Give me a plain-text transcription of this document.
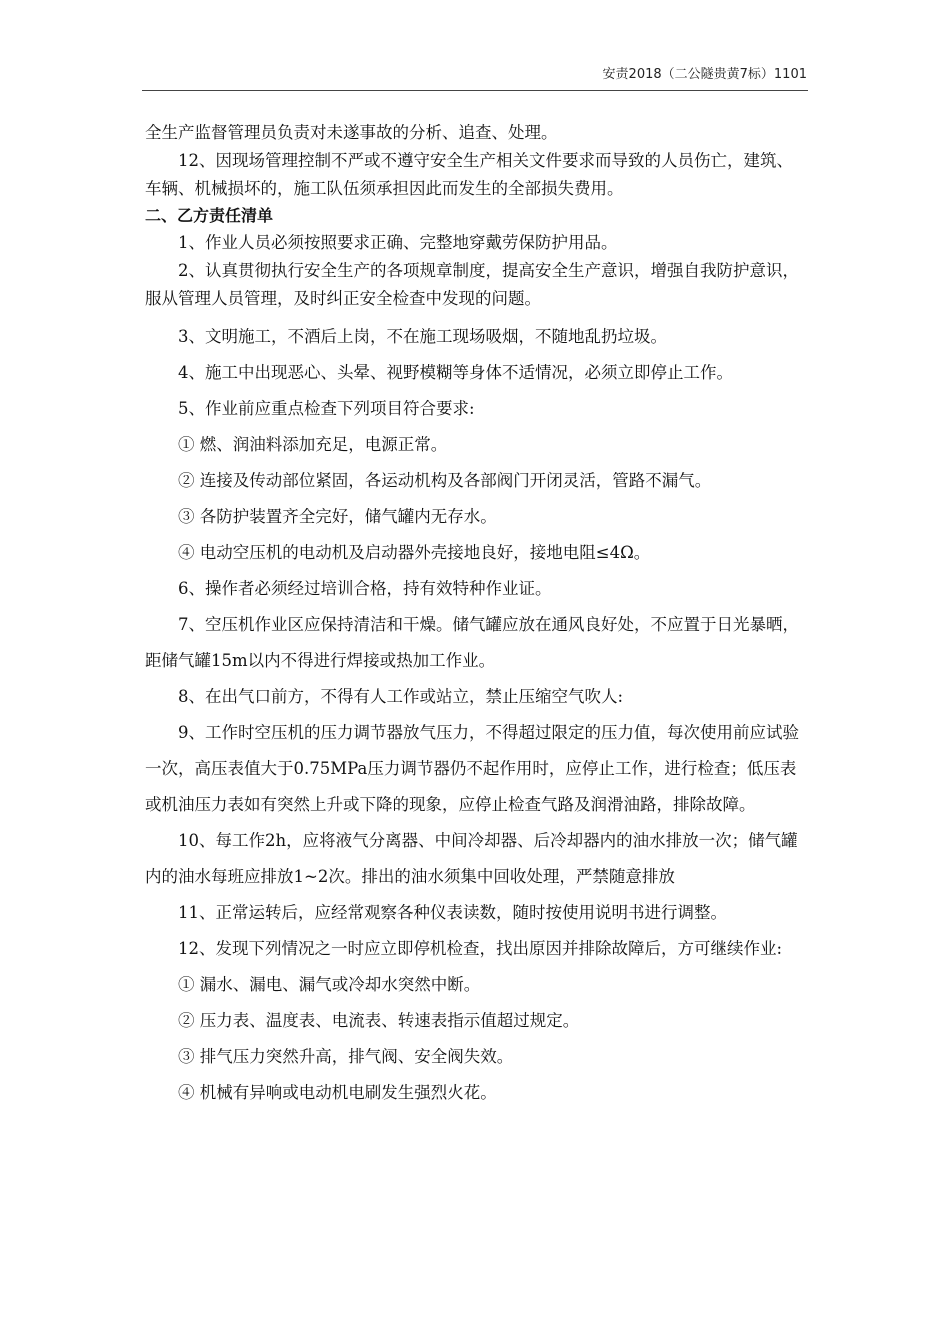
安责2018（二公隧贵黄7标）1101

全生产监督管理员负责对未遂事故的分析、追查、处理。

12、因现场管理控制不严或不遵守安全生产相关文件要求而导致的人员伤亡，建筑、车辆、机械损坏的，施工队伍须承担因此而发生的全部损失费用。

二、乙方责任清单

1、作业人员必须按照要求正确、完整地穿戴劳保防护用品。

2、认真贯彻执行安全生产的各项规章制度，提高安全生产意识，增强自我防护意识，服从管理人员管理，及时纠正安全检查中发现的问题。

3、文明施工，不酒后上岗，不在施工现场吸烟，不随地乱扔垃圾。

4、施工中出现恶心、头晕、视野模糊等身体不适情况，必须立即停止工作。

5、作业前应重点检查下列项目符合要求:

① 燃、润油料添加充足，电源正常。

② 连接及传动部位紧固，各运动机构及各部阀门开闭灵活，管路不漏气。

③ 各防护装置齐全完好，储气罐内无存水。

④ 电动空压机的电动机及启动器外壳接地良好，接地电阻≤4Ω。

6、操作者必须经过培训合格，持有效特种作业证。

7、空压机作业区应保持清洁和干燥。储气罐应放在通风良好处，不应置于日光暴晒，距储气罐15m以内不得进行焊接或热加工作业。

8、在出气口前方，不得有人工作或站立，禁止压缩空气吹人:

9、工作时空压机的压力调节器放气压力，不得超过限定的压力值，每次使用前应试验一次，高压表值大于0.75MPa压力调节器仍不起作用时，应停止工作，进行检查；低压表或机油压力表如有突然上升或下降的现象，应停止检查气路及润滑油路，排除故障。

10、每工作2h，应将液气分离器、中间冷却器、后冷却器内的油水排放一次；储气罐内的油水每班应排放1~2次。排出的油水须集中回收处理，严禁随意排放

11、正常运转后，应经常观察各种仪表读数，随时按使用说明书进行调整。

12、发现下列情况之一时应立即停机检查，找出原因并排除故障后，方可继续作业:

① 漏水、漏电、漏气或冷却水突然中断。

② 压力表、温度表、电流表、转速表指示值超过规定。

③ 排气压力突然升高，排气阀、安全阀失效。

④ 机械有异响或电动机电刷发生强烈火花。
